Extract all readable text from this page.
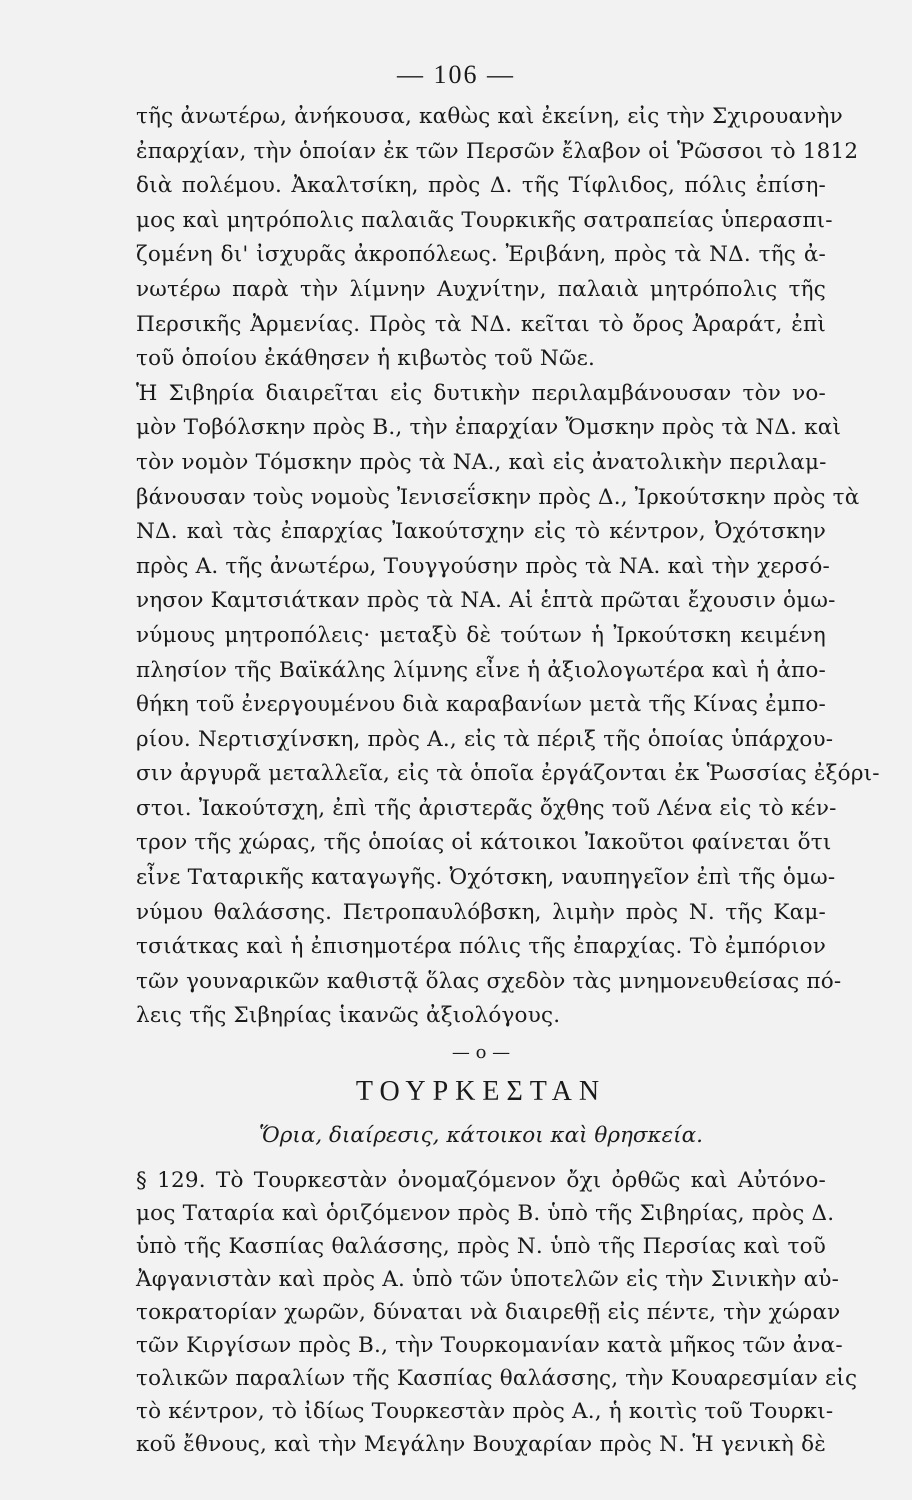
— 106 —
τῆς ἀνωτέρω, ἀνήκουσα, καθὼς καὶ ἐκείνη, εἰς τὴν Σχιρουανὴν
ἐπαρχίαν, τὴν ὁποίαν ἐκ τῶν Περσῶν ἔλαβον οἱ Ῥῶσσοι τὸ 1812
διὰ πολέμου. Ἀκαλτσίκη, πρὸς Δ. τῆς Τίφλιδος, πόλις ἐπίση-
μος καὶ μητρόπολις παλαιᾶς Τουρκικῆς σατραπείας ὑπερασπι-
ζομένη δι' ἰσχυρᾶς ἀκροπόλεως. Ἐριβάνη, πρὸς τὰ ΝΔ. τῆς ἀ-
νωτέρω παρὰ τὴν λίμνην Αυχνίτην, παλαιὰ μητρόπολις τῆς
Περσικῆς Ἀρμενίας. Πρὸς τὰ ΝΔ. κεῖται τὸ ὄρος Ἀραράτ, ἐπὶ
τοῦ ὁποίου ἐκάθησεν ἡ κιβωτὸς τοῦ Νῶε.
Ἡ Σιβηρία διαιρεῖται εἰς δυτικὴν περιλαμβάνουσαν τὸν νο-
μὸν Τοβόλσκην πρὸς Β., τὴν ἐπαρχίαν Ὄμσκην πρὸς τὰ ΝΔ. καὶ
τὸν νομὸν Τόμσκην πρὸς τὰ ΝΑ., καὶ εἰς ἀνατολικὴν περιλαμ-
βάνουσαν τοὺς νομοὺς Ἰενισεΐσκην πρὸς Δ., Ἰρκούτσκην πρὸς τὰ
ΝΔ. καὶ τὰς ἐπαρχίας Ἰακούτσχην εἰς τὸ κέντρον, Ὀχότσκην
πρὸς Α. τῆς ἀνωτέρω, Τουγγούσην πρὸς τὰ ΝΑ. καὶ τὴν χερσό-
νησον Καμτσιάτκαν πρὸς τὰ ΝΑ. Αἱ ἑπτὰ πρῶται ἔχουσιν ὁμω-
νύμους μητροπόλεις· μεταξὺ δὲ τούτων ἡ Ἰρκούτσκη κειμένη
πλησίον τῆς Βαϊκάλης λίμνης εἶνε ἡ ἀξιολογωτέρα καὶ ἡ ἀπο-
θήκη τοῦ ἐνεργουμένου διὰ καραβανίων μετὰ τῆς Κίνας ἐμπο-
ρίου. Νερτισχίνσκη, πρὸς Α., εἰς τὰ πέριξ τῆς ὁποίας ὑπάρχου-
σιν ἀργυρᾶ μεταλλεῖα, εἰς τὰ ὁποῖα ἐργάζονται ἐκ Ῥωσσίας ἐξόρι-
στοι. Ἰακούτσχη, ἐπὶ τῆς ἀριστερᾶς ὄχθης τοῦ Λένα εἰς τὸ κέν-
τρον τῆς χώρας, τῆς ὁποίας οἱ κάτοικοι Ἰακοῦτοι φαίνεται ὅτι
εἶνε Ταταρικῆς καταγωγῆς. Ὀχότσκη, ναυπηγεῖον ἐπὶ τῆς ὁμω-
νύμου θαλάσσης. Πετροπαυλόβσκη, λιμὴν πρὸς Ν. τῆς Καμ-
τσιάτκας καὶ ἡ ἐπισημοτέρα πόλις τῆς ἐπαρχίας. Τὸ ἐμπόριον
τῶν γουναρικῶν καθιστᾷ ὅλας σχεδὸν τὰς μνημονευθείσας πό-
λεις τῆς Σιβηρίας ἱκανῶς ἀξιολόγους.
— ο —
ΤΟΥΡΚΕΣΤΑΝ
Ὅρια, διαίρεσις, κάτοικοι καὶ θρησκεία.
§ 129. Τὸ Τουρκεστὰν ὀνομαζόμενον ὄχι ὀρθῶς καὶ Αὐτόνο-
μος Ταταρία καὶ ὁριζόμενον πρὸς Β. ὑπὸ τῆς Σιβηρίας, πρὸς Δ.
ὑπὸ τῆς Κασπίας θαλάσσης, πρὸς Ν. ὑπὸ τῆς Περσίας καὶ τοῦ
Ἀφγανιστὰν καὶ πρὸς Α. ὑπὸ τῶν ὑποτελῶν εἰς τὴν Σινικὴν αὐ-
τοκρατορίαν χωρῶν, δύναται νὰ διαιρεθῇ εἰς πέντε, τὴν χώραν
τῶν Κιργίσων πρὸς Β., τὴν Τουρκομανίαν κατὰ μῆκος τῶν ἀνα-
τολικῶν παραλίων τῆς Κασπίας θαλάσσης, τὴν Κουαρεσμίαν εἰς
τὸ κέντρον, τὸ ἰδίως Τουρκεστὰν πρὸς Α., ἡ κοιτὶς τοῦ Τουρκι-
κοῦ ἔθνους, καὶ τὴν Μεγάλην Βουχαρίαν πρὸς Ν. Ἡ γενικὴ δὲ
